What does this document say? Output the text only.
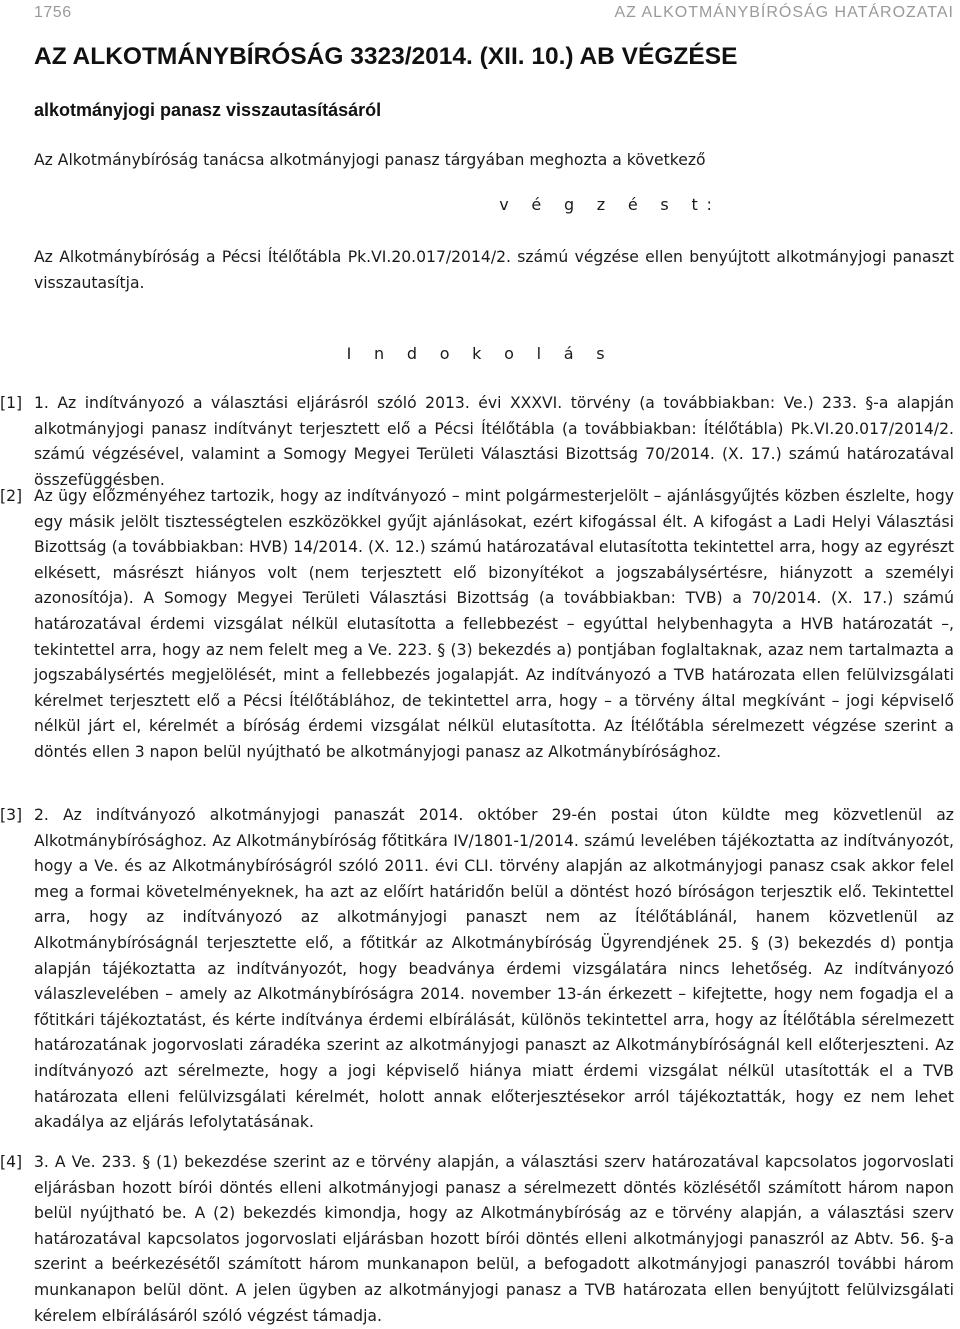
1756	AZ ALKOTMÁNYBÍRÓSÁG HATÁROZATAI
AZ ALKOTMÁNYBÍRÓSÁG 3323/2014. (XII. 10.) AB VÉGZÉSE
alkotmányjogi panasz visszautasításáról

Az Alkotmánybíróság tanácsa alkotmányjogi panasz tárgyában meghozta a következő

v é g z é s t:

Az Alkotmánybíróság a Pécsi Ítélőtábla Pk.VI.20.017/2014/2. számú végzése ellen benyújtott alkotmányjogi panaszt visszautasítja.

I n d o k o l á s

[1] 1. Az indítványozó a választási eljárásról szóló 2013. évi XXXVI. törvény (a továbbiakban: Ve.) 233. §-a alapján alkotmányjogi panasz indítványt terjesztett elő a Pécsi Ítélőtábla (a továbbiakban: Ítélőtábla) Pk.VI.20.017/2014/2. számú végzésével, valamint a Somogy Megyei Területi Választási Bizottság 70/2014. (X. 17.) számú határozatával összefüggésben.

[2] Az ügy előzményéhez tartozik, hogy az indítványozó – mint polgármesterjelölt – ajánlásgyűjtés közben észlelte, hogy egy másik jelölt tisztességtelen eszközökkel gyűjt ajánlásokat, ezért kifogással élt. A kifogást a Ladi Helyi Választási Bizottság (a továbbiakban: HVB) 14/2014. (X. 12.) számú határozatával elutasította tekintettel arra, hogy az egyrészt elkésett, másrészt hiányos volt (nem terjesztett elő bizonyítékot a jogszabálysértésre, hiányzott a személyi azonosítója). A Somogy Megyei Területi Választási Bizottság (a továbbiakban: TVB) a 70/2014. (X. 17.) számú határozatával érdemi vizsgálat nélkül elutasította a fellebbezést – egyúttal helybenhagyta a HVB határozatát –, tekintettel arra, hogy az nem felelt meg a Ve. 223. § (3) bekezdés a) pontjában foglaltaknak, azaz nem tartalmazta a jogszabálysértés megjelölését, mint a fellebbezés jogalapját. Az indítványozó a TVB határozata ellen felülvizsgálati kérelmet terjesztett elő a Pécsi Ítélőtáblához, de tekintettel arra, hogy – a törvény által megkívánt – jogi képviselő nélkül járt el, kérelmét a bíróság érdemi vizsgálat nélkül elutasította. Az Ítélőtábla sérelmezett végzése szerint a döntés ellen 3 napon belül nyújtható be alkotmányjogi panasz az Alkotmánybírósághoz.

[3] 2. Az indítványozó alkotmányjogi panaszát 2014. október 29-én postai úton küldte meg közvetlenül az Alkotmánybírósághoz. Az Alkotmánybíróság főtitkára IV/1801-1/2014. számú levelében tájékoztatta az indítványozót, hogy a Ve. és az Alkotmánybíróságról szóló 2011. évi CLI. törvény alapján az alkotmányjogi panasz csak akkor felel meg a formai követelményeknek, ha azt az előírt határidőn belül a döntést hozó bíróságon terjesztik elő. Tekintettel arra, hogy az indítványozó az alkotmányjogi panaszt nem az Ítélőtáblánál, hanem közvetlenül az Alkotmánybíróságnál terjesztette elő, a főtitkár az Alkotmánybíróság Ügyrendjének 25. § (3) bekezdés d) pontja alapján tájékoztatta az indítványozót, hogy beadványa érdemi vizsgálatára nincs lehetőség. Az indítványozó válaszlevelében – amely az Alkotmánybíróságra 2014. november 13-án érkezett – kifejtette, hogy nem fogadja el a főtitkári tájékoztatást, és kérte indítványa érdemi elbírálását, különös tekintettel arra, hogy az Ítélőtábla sérelmezett határozatának jogorvoslati záradéka szerint az alkotmányjogi panaszt az Alkotmánybíróságnál kell előterjeszteni. Az indítványozó azt sérelmezte, hogy a jogi képviselő hiánya miatt érdemi vizsgálat nélkül utasították el a TVB határozata elleni felülvizsgálati kérelmét, holott annak előterjesztésekor arról tájékoztatták, hogy ez nem lehet akadálya az eljárás lefolytatásának.

[4] 3. A Ve. 233. § (1) bekezdése szerint az e törvény alapján, a választási szerv határozatával kapcsolatos jogorvoslati eljárásban hozott bírói döntés elleni alkotmányjogi panasz a sérelmezett döntés közlésétől számított három napon belül nyújtható be. A (2) bekezdés kimondja, hogy az Alkotmánybíróság az e törvény alapján, a választási szerv határozatával kapcsolatos jogorvoslati eljárásban hozott bírói döntés elleni alkotmányjogi panaszról az Abtv. 56. §-a szerint a beérkezésétől számított három munkanapon belül, a befogadott alkotmányjogi panaszról további három munkanapon belül dönt. A jelen ügyben az alkotmányjogi panasz a TVB határozata ellen benyújtott felülvizsgálati kérelem elbírálásáról szóló végzést támadja.
